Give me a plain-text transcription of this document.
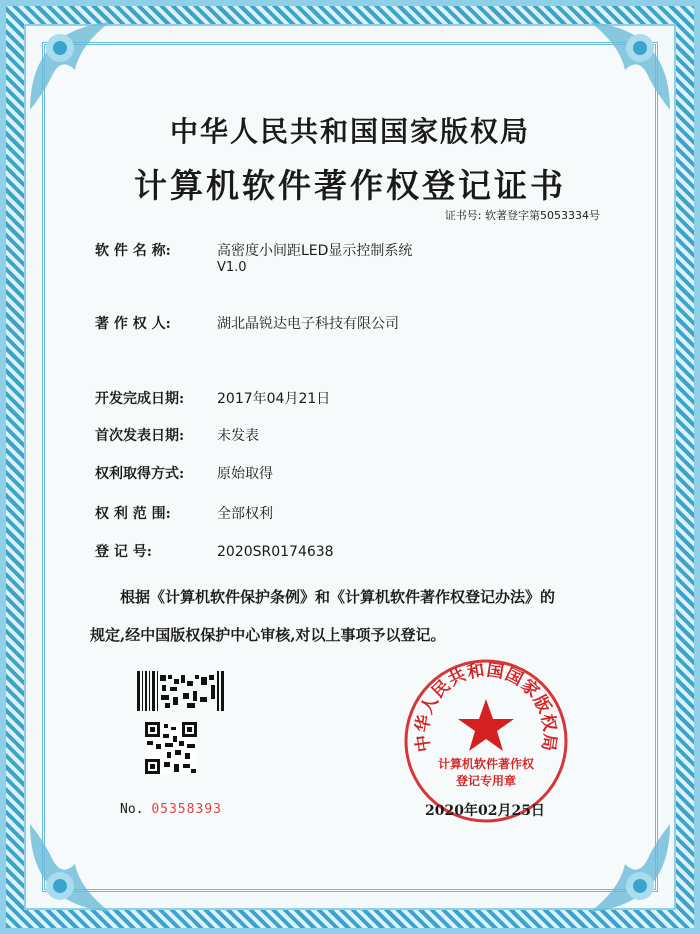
中华人民共和国国家版权局
计算机软件著作权登记证书
证书号: 软著登字第5053334号
软 件 名 称:	高密度小间距LED显示控制系统
V1.0
著 作 权 人:	湖北晶锐达电子科技有限公司
开发完成日期: 2017年04月21日
首次发表日期: 未发表
权利取得方式: 原始取得
权 利 范 围:	全部权利
登 记 号:	2020SR0174638

根据《计算机软件保护条例》和《计算机软件著作权登记办法》的

规定,经中国版权保护中心审核,对以上事项予以登记。

No. 05358393
中华人民共和国国家版权局
计算机软件著作权
登记专用章
2020年02月25日
